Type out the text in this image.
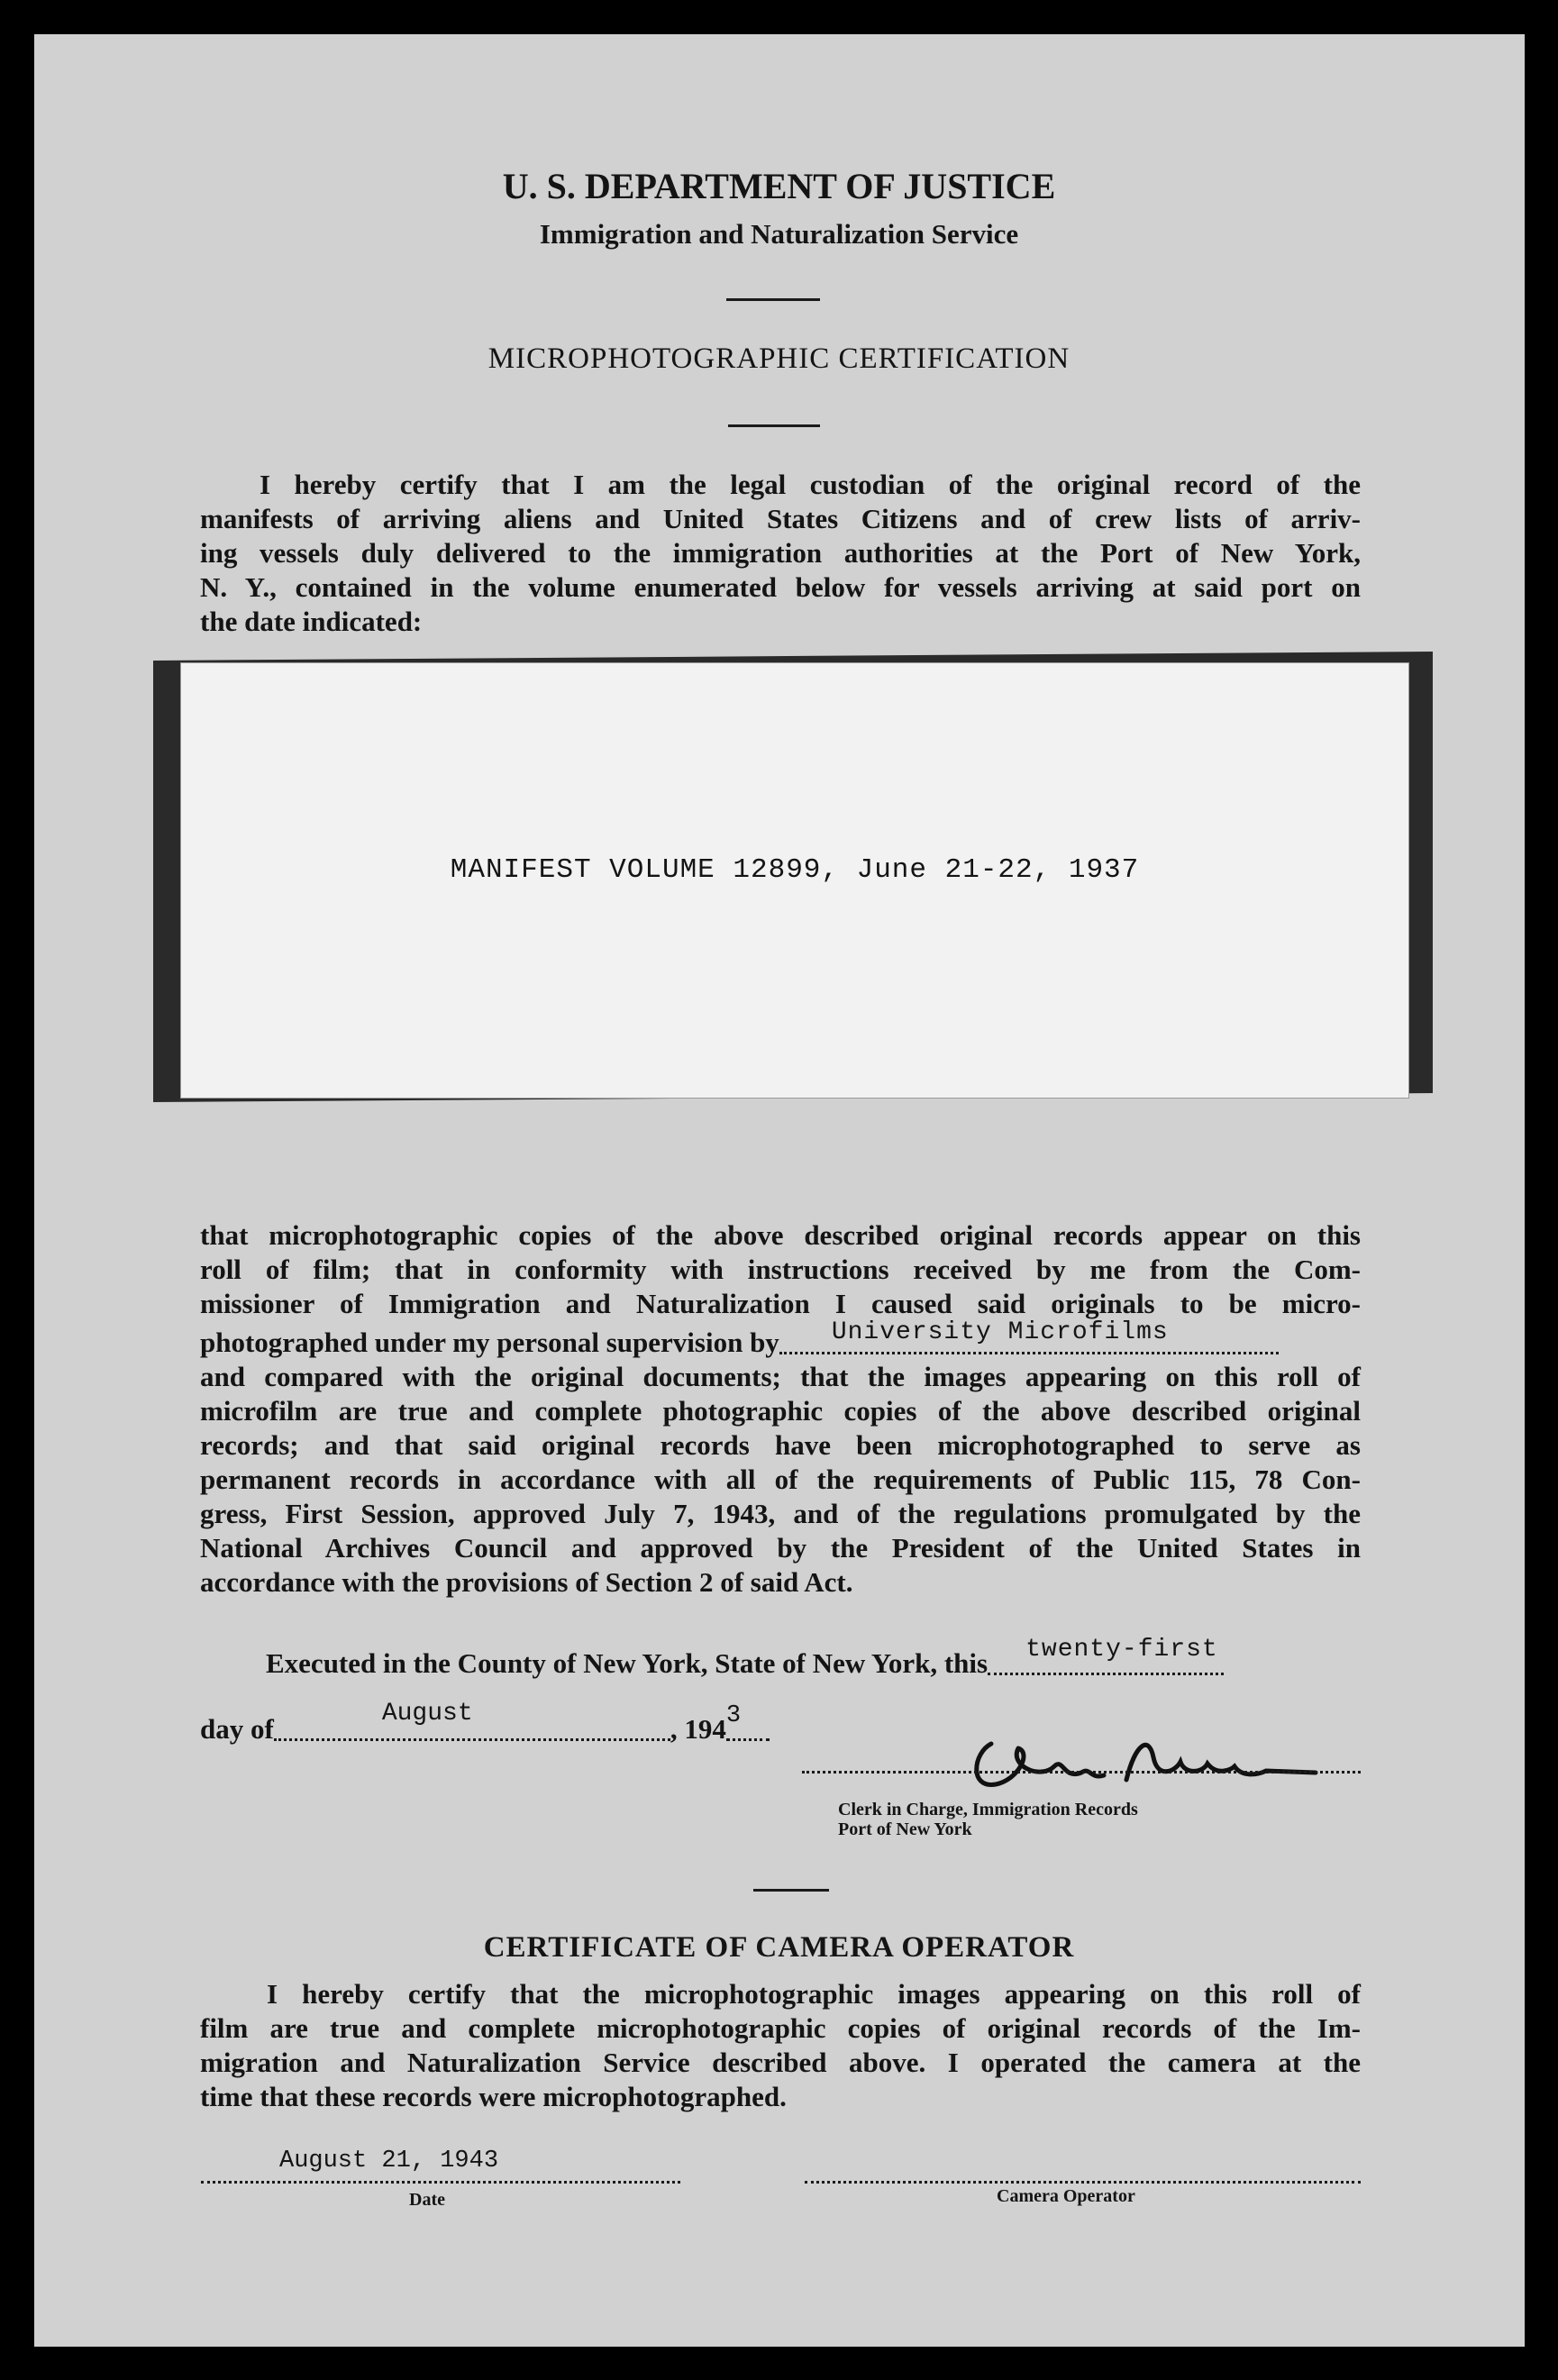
U. S. DEPARTMENT OF JUSTICE
Immigration and Naturalization Service
MICROPHOTOGRAPHIC CERTIFICATION
I hereby certify that I am the legal custodian of the original record of the
manifests of arriving aliens and United States Citizens and of crew lists of arriv-
ing vessels duly delivered to the immigration authorities at the Port of New York,
N. Y., contained in the volume enumerated below for vessels arriving at said port on
the date indicated:
MANIFEST VOLUME 12899, June 21-22, 1937
that microphotographic copies of the above described original records appear on this
roll of film; that in conformity with instructions received by me from the Com-
missioner of Immigration and Naturalization I caused said originals to be micro-
photographed under my personal supervision by University Microfilms
and compared with the original documents; that the images appearing on this roll of
microfilm are true and complete photographic copies of the above described original
records; and that said original records have been microphotographed to serve as
permanent records in accordance with all of the requirements of Public 115, 78 Con-
gress, First Session, approved July 7, 1943, and of the regulations promulgated by the
National Archives Council and approved by the President of the United States in
accordance with the provisions of Section 2 of said Act.
Executed in the County of New York, State of New York, this twenty-first
day of	August	, 194 3
Clerk in Charge, Immigration Records
Port of New York
CERTIFICATE OF CAMERA OPERATOR
I hereby certify that the microphotographic images appearing on this roll of
film are true and complete microphotographic copies of original records of the Im-
migration and Naturalization Service described above. I operated the camera at the
time that these records were microphotographed.
August 21, 1943
Date	Camera Operator
